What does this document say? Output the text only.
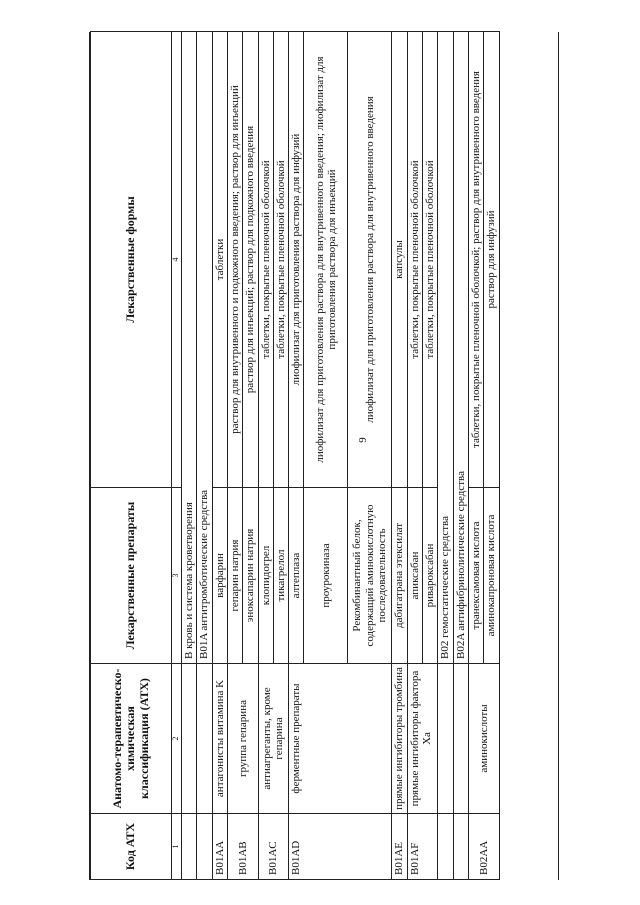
9
Код АТХ	Анатомо-терапевтическо-химическая классификация (АТХ)	Лекарственные препараты	Лекарственные формы
1	2	3	4
		B кровь и система кроветворения	
		B01A антитромботические средства	
B01AA	антагонисты витамина K	варфарин	таблетки
B01AB	группа гепарина	гепарин натрия	раствор для внутривенного и подкожного введения; раствор для инъекций
		эноксапарин натрия	раствор для инъекций; раствор для подкожного введения
B01AC	антиагреганты, кроме гепарина	клопидогрел	таблетки, покрытые пленочной оболочкой
		тикагрелол	таблетки, покрытые пленочной оболочкой
B01AD	ферментные препараты	алтеплаза	лиофилизат для приготовления раствора для инфузий
		проурокиназа	лиофилизат для приготовления раствора для внутривенного введения; лиофилизат для приготовления раствора для инъекций
		Рекомбинантный белок, содержащий аминокислотную последовательность	лиофилизат для приготовления раствора для внутривенного введения
B01AE	прямые ингибиторы тромбина	дабигатрана этексилат	капсулы
B01AF	прямые ингибиторы фактора Xa	апиксабан	таблетки, покрытые пленочной оболочкой
		ривароксабан	таблетки, покрытые пленочной оболочкой
		B02 гемостатические средства	
		B02A антифибринолитические средства	
B02AA	аминокислоты	транексамовая кислота	таблетки, покрытые пленочной оболочкой; раствор для внутривенного введения
		аминокапроновая кислота	раствор для инфузий
